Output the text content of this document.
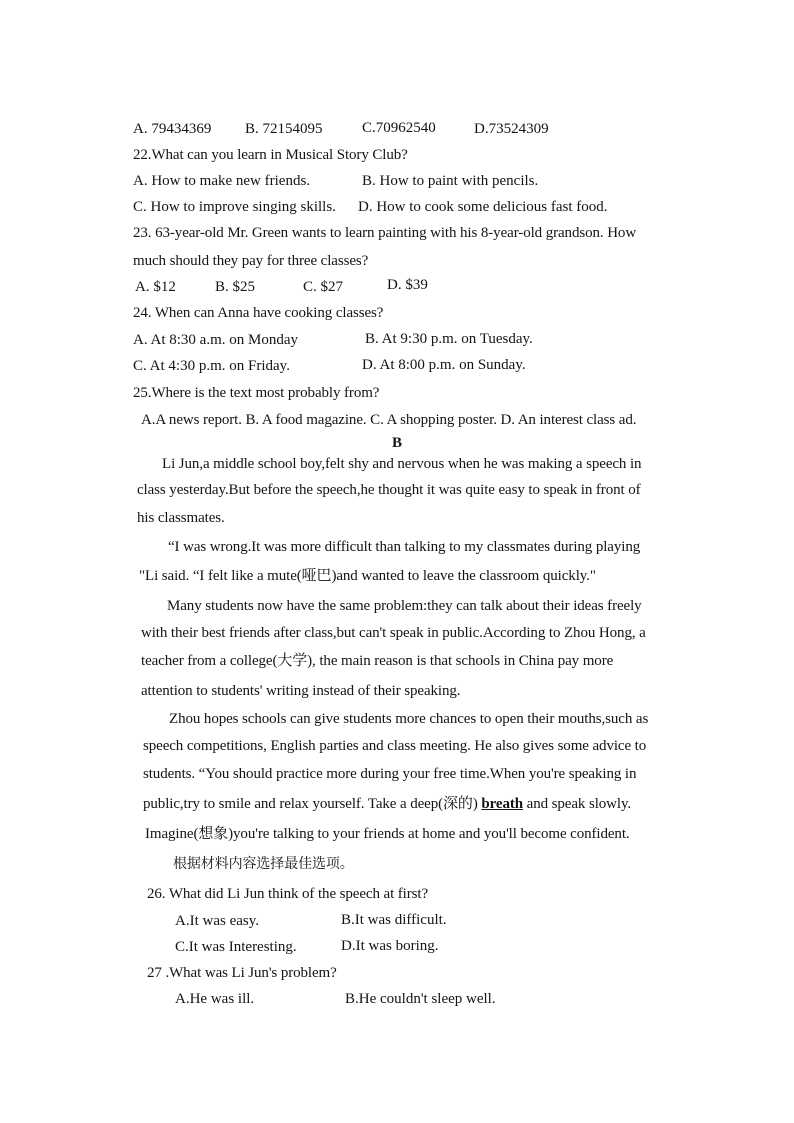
A. 79434369 B. 72154095	C.70962540	D.73524309
22.What can you learn in Musical Story Club?
A. How to make new friends.	B. How to paint with pencils.
C. How to improve singing skills. D. How to cook some delicious fast food.
23. 63-year-old Mr. Green wants to learn painting with his 8-year-old grandson. How
much should they pay for three classes?
A. $12	B. $25	C. $27	D. $39
24. When can Anna have cooking classes?
A. At 8:30 a.m. on Monday	B. At 9:30 p.m. on Tuesday.
C. At 4:30 p.m. on Friday.	D. At 8:00 p.m. on Sunday.
25.Where is the text most probably from?
A.A news report. B. A food magazine. C. A shopping poster. D. An interest class ad.
B
Li Jun,a middle school boy,felt shy and nervous when he was making a speech in
class yesterday.But before the speech,he thought it was quite easy to speak in front of
his classmates.
“I was wrong.It was more difficult than talking to my classmates during playing
"Li said. “I felt like a mute(哑巴)and wanted to leave the classroom quickly."
Many students now have the same problem:they can talk about their ideas freely
with their best friends after class,but can't speak in public.According to Zhou Hong, a
teacher from a college(大学), the main reason is that schools in China pay more
attention to students' writing instead of their speaking.
Zhou hopes schools can give students more chances to open their mouths,such as
speech competitions, English parties and class meeting. He also gives some advice to
students. “You should practice more during your free time.When you're speaking in
public,try to smile and relax yourself. Take a deep(深的) breath and speak slowly.
Imagine(想象)you're talking to your friends at home and you'll become confident.
根据材料内容选择最佳选项。
26. What did Li Jun think of the speech at first?
A.It was easy.	B.It was difficult.
C.It was Interesting.	D.It was boring.
27 .What was Li Jun's problem?
A.He was ill.	B.He couldn't sleep well.
